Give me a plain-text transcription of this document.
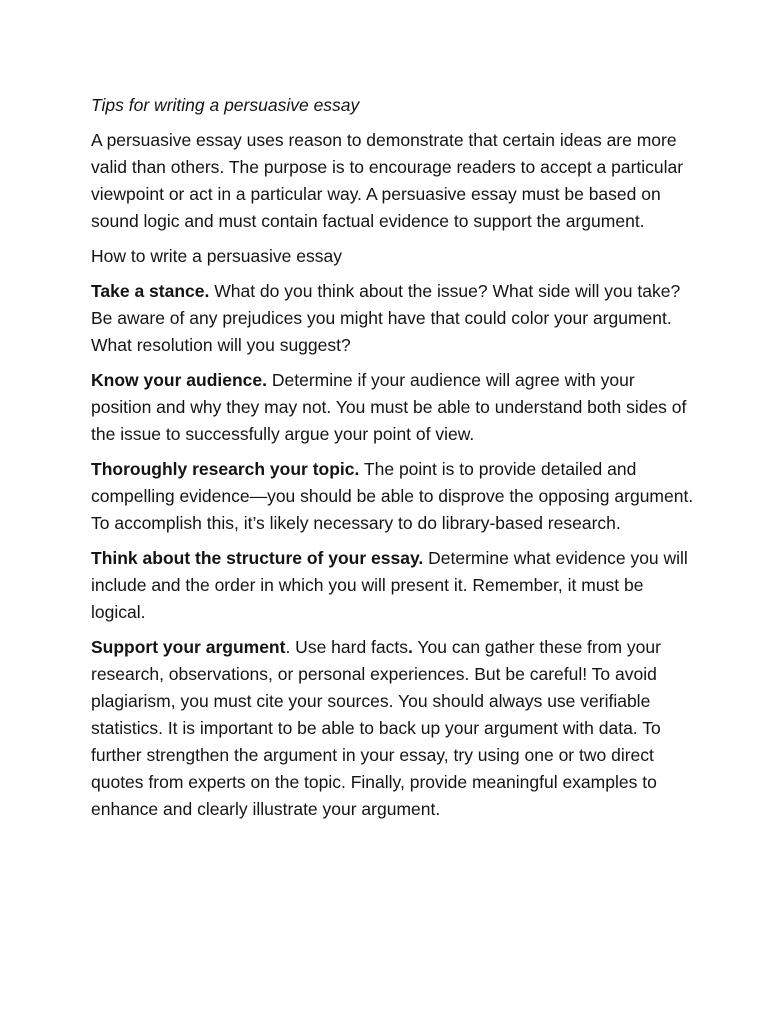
Tips for writing a persuasive essay

A persuasive essay uses reason to demonstrate that certain ideas are more valid than others. The purpose is to encourage readers to accept a particular viewpoint or act in a particular way. A persuasive essay must be based on sound logic and must contain factual evidence to support the argument.

How to write a persuasive essay

Take a stance. What do you think about the issue? What side will you take? Be aware of any prejudices you might have that could color your argument. What resolution will you suggest?

Know your audience. Determine if your audience will agree with your position and why they may not. You must be able to understand both sides of the issue to successfully argue your point of view.

Thoroughly research your topic. The point is to provide detailed and compelling evidence—you should be able to disprove the opposing argument. To accomplish this, it’s likely necessary to do library-based research.

Think about the structure of your essay. Determine what evidence you will include and the order in which you will present it. Remember, it must be logical.

Support your argument. Use hard facts. You can gather these from your research, observations, or personal experiences. But be careful! To avoid plagiarism, you must cite your sources. You should always use verifiable statistics. It is important to be able to back up your argument with data. To further strengthen the argument in your essay, try using one or two direct quotes from experts on the topic. Finally, provide meaningful examples to enhance and clearly illustrate your argument.
